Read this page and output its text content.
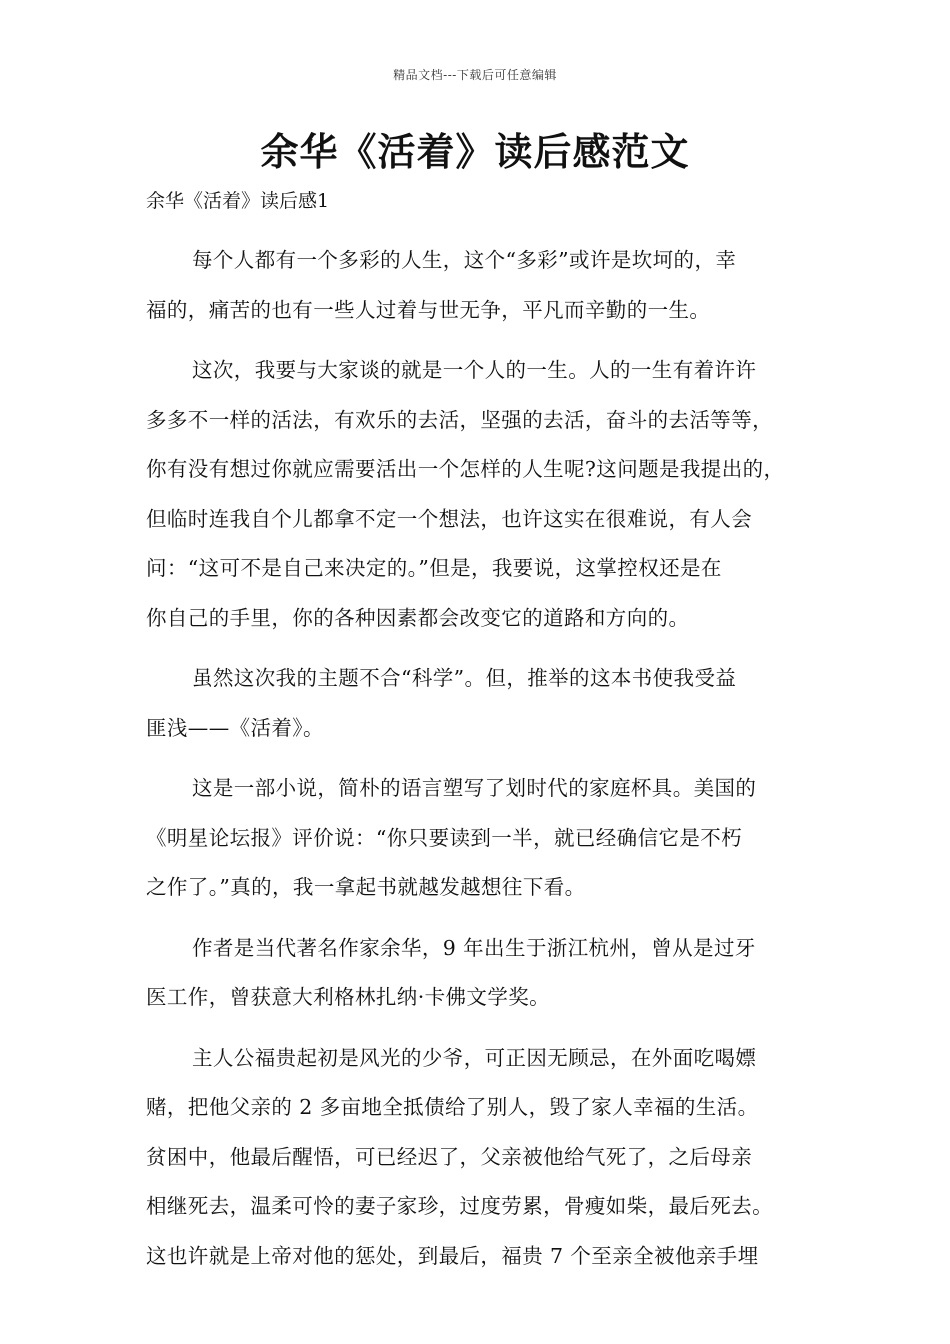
精品文档---下载后可任意编辑
余华《活着》读后感范文

余华《活着》读后感1

每个人都有一个多彩的人生，这个“多彩”或许是坎坷的，幸
福的，痛苦的也有一些人过着与世无争，平凡而辛勤的一生。

这次，我要与大家谈的就是一个人的一生。人的一生有着许许
多多不一样的活法，有欢乐的去活，坚强的去活，奋斗的去活等等，
你有没有想过你就应需要活出一个怎样的人生呢?这问题是我提出的，
但临时连我自个儿都拿不定一个想法，也许这实在很难说，有人会
问：“这可不是自己来决定的。”但是，我要说，这掌控权还是在
你自己的手里，你的各种因素都会改变它的道路和方向的。

虽然这次我的主题不合“科学”。但，推举的这本书使我受益
匪浅——《活着》。

这是一部小说，简朴的语言塑写了划时代的家庭杯具。美国的
《明星论坛报》评价说：“你只要读到一半，就已经确信它是不朽
之作了。”真的，我一拿起书就越发越想往下看。

作者是当代著名作家余华，9 年出生于浙江杭州，曾从是过牙
医工作，曾获意大利格林扎纳·卡佛文学奖。

主人公福贵起初是风光的少爷，可正因无顾忌，在外面吃喝嫖
赌，把他父亲的 2 多亩地全抵债给了别人，毁了家人幸福的生活。
贫困中，他最后醒悟，可已经迟了，父亲被他给气死了，之后母亲
相继死去，温柔可怜的妻子家珍，过度劳累，骨瘦如柴，最后死去。
这也许就是上帝对他的惩处，到最后，福贵 7 个至亲全被他亲手埋
